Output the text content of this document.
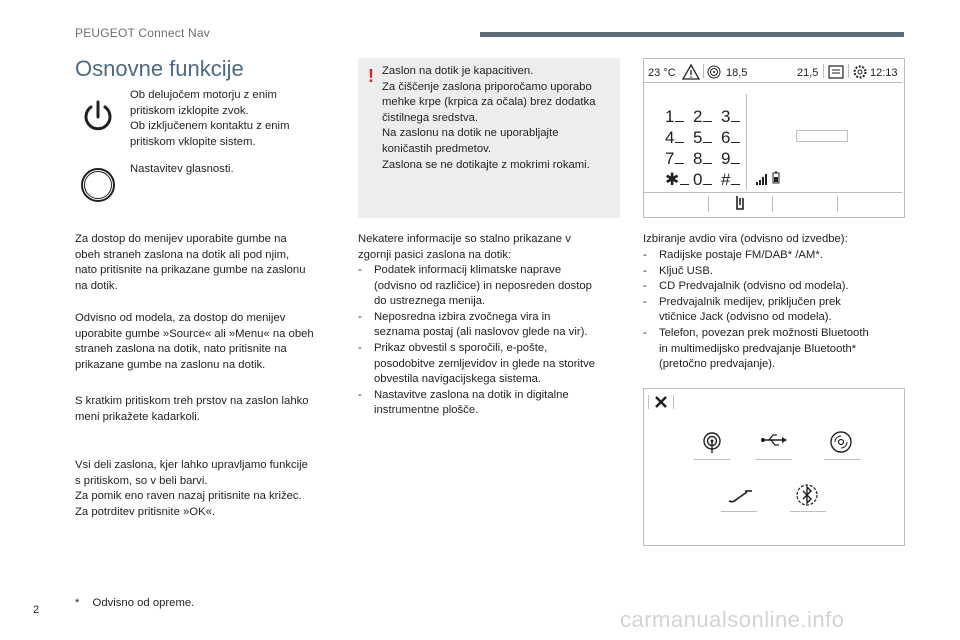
PEUGEOT Connect Nav
Osnovne funkcije
Ob delujočem motorju z enim
pritiskom izklopite zvok.
Ob izključenem kontaktu z enim
pritiskom vklopite sistem.
Nastavitev glasnosti.
Za dostop do menijev uporabite gumbe na
obeh straneh zaslona na dotik ali pod njim,
nato pritisnite na prikazane gumbe na zaslonu
na dotik.
Odvisno od modela, za dostop do menijev
uporabite gumbe »Source« ali »Menu« na obeh
straneh zaslona na dotik, nato pritisnite na
prikazane gumbe na zaslonu na dotik.
S kratkim pritiskom treh prstov na zaslon lahko
meni prikažete kadarkoli.
Vsi deli zaslona, kjer lahko upravljamo funkcije
s pritiskom, so v beli barvi.
Za pomik eno raven nazaj pritisnite na križec.
Za potrditev pritisnite »OK«.
! Zaslon na dotik je kapacitiven.
Za čiščenje zaslona priporočamo uporabo
mehke krpe (krpica za očala) brez dodatka
čistilnega sredstva.
Na zaslonu na dotik ne uporabljajte
koničastih predmetov.
Zaslona se ne dotikajte z mokrimi rokami.
Nekatere informacije so stalno prikazane v
zgornji pasici zaslona na dotik:
- Podatek informacij klimatske naprave
(odvisno od različice) in neposreden dostop
do ustreznega menija.
- Neposredna izbira zvočnega vira in
seznama postaj (ali naslovov glede na vir).
- Prikaz obvestil s sporočili, e-pošte,
posodobitve zemljevidov in glede na storitve
obvestila navigacijskega sistema.
- Nastavitve zaslona na dotik in digitalne
instrumentne plošče.
Izbiranje avdio vira (odvisno od izvedbe):
- Radijske postaje FM/DAB* /AM*.
- Ključ USB.
- CD Predvajalnik (odvisno od modela).
- Predvajalnik medijev, priključen prek
vtičnice Jack (odvisno od modela).
- Telefon, povezan prek možnosti Bluetooth
in multimedijsko predvajanje Bluetooth*
(pretočno predvajanje).
23 °C	18,5	21,5	12:13
1 2 3
4 5 6
7 8 9
✱ 0 #
* Odvisno od opreme.
2	carmanualsonline.info
